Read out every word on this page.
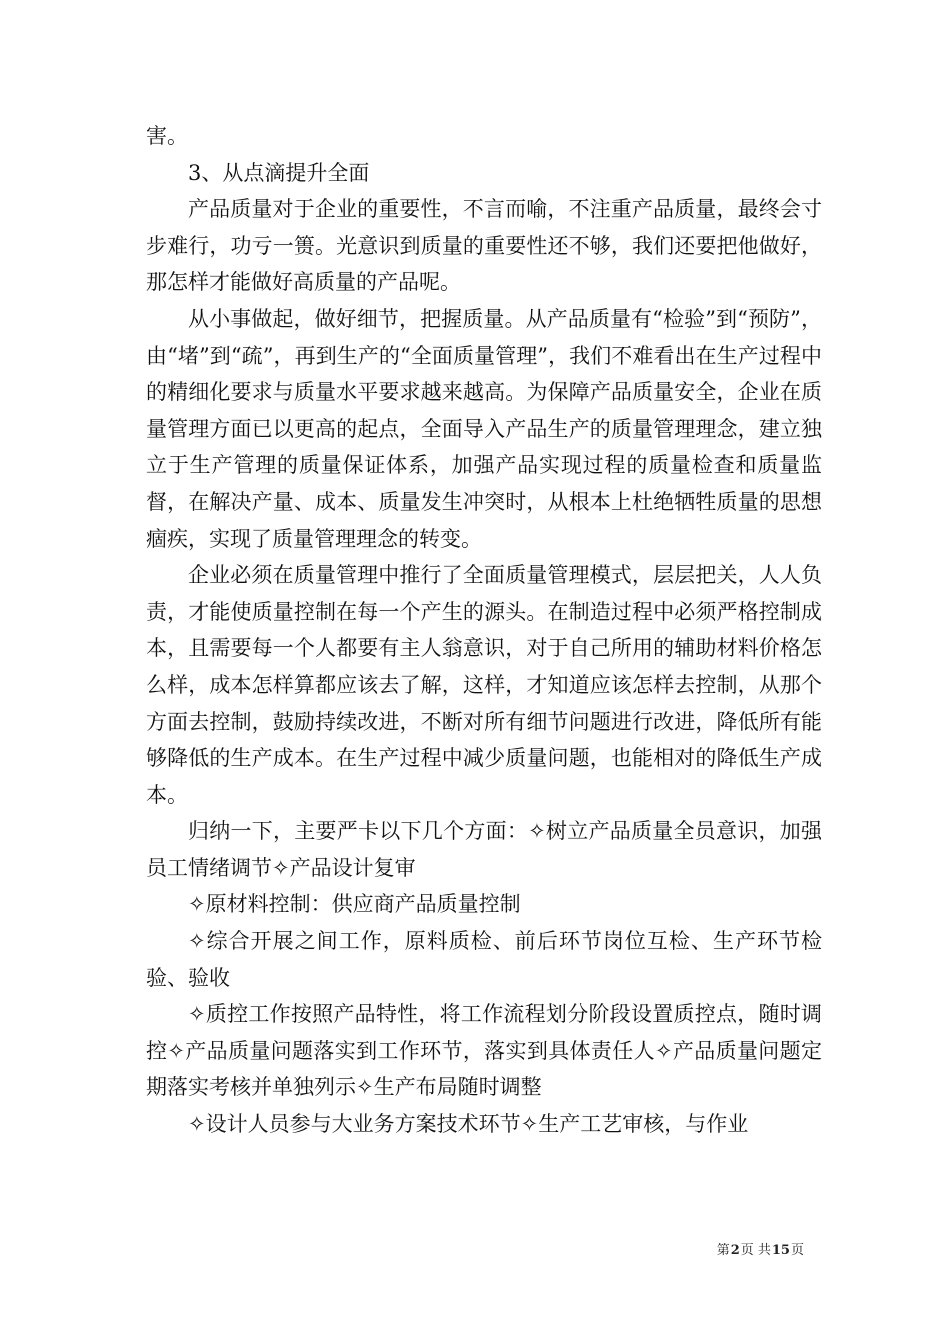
害。

3、从点滴提升全面

产品质量对于企业的重要性，不言而喻，不注重产品质量，最终会寸步难行，功亏一篑。光意识到质量的重要性还不够，我们还要把他做好，那怎样才能做好高质量的产品呢。

从小事做起，做好细节，把握质量。从产品质量有“检验”到“预防”，由“堵”到“疏”，再到生产的“全面质量管理”，我们不难看出在生产过程中的精细化要求与质量水平要求越来越高。为保障产品质量安全，企业在质量管理方面已以更高的起点，全面导入产品生产的质量管理理念，建立独立于生产管理的质量保证体系，加强产品实现过程的质量检查和质量监督，在解决产量、成本、质量发生冲突时，从根本上杜绝牺牲质量的思想痼疾，实现了质量管理理念的转变。

企业必须在质量管理中推行了全面质量管理模式，层层把关，人人负责，才能使质量控制在每一个产生的源头。在制造过程中必须严格控制成本，且需要每一个人都要有主人翁意识，对于自己所用的辅助材料价格怎么样，成本怎样算都应该去了解，这样，才知道应该怎样去控制，从那个方面去控制，鼓励持续改进，不断对所有细节问题进行改进，降低所有能够降低的生产成本。在生产过程中减少质量问题，也能相对的降低生产成本。

归纳一下，主要严卡以下几个方面：✧树立产品质量全员意识，加强员工情绪调节✧产品设计复审

✧原材料控制：供应商产品质量控制

✧综合开展之间工作，原料质检、前后环节岗位互检、生产环节检验、验收

✧质控工作按照产品特性，将工作流程划分阶段设置质控点，随时调控✧产品质量问题落实到工作环节，落实到具体责任人✧产品质量问题定期落实考核并单独列示✧生产布局随时调整

✧设计人员参与大业务方案技术环节✧生产工艺审核，与作业

第2页 共15页
